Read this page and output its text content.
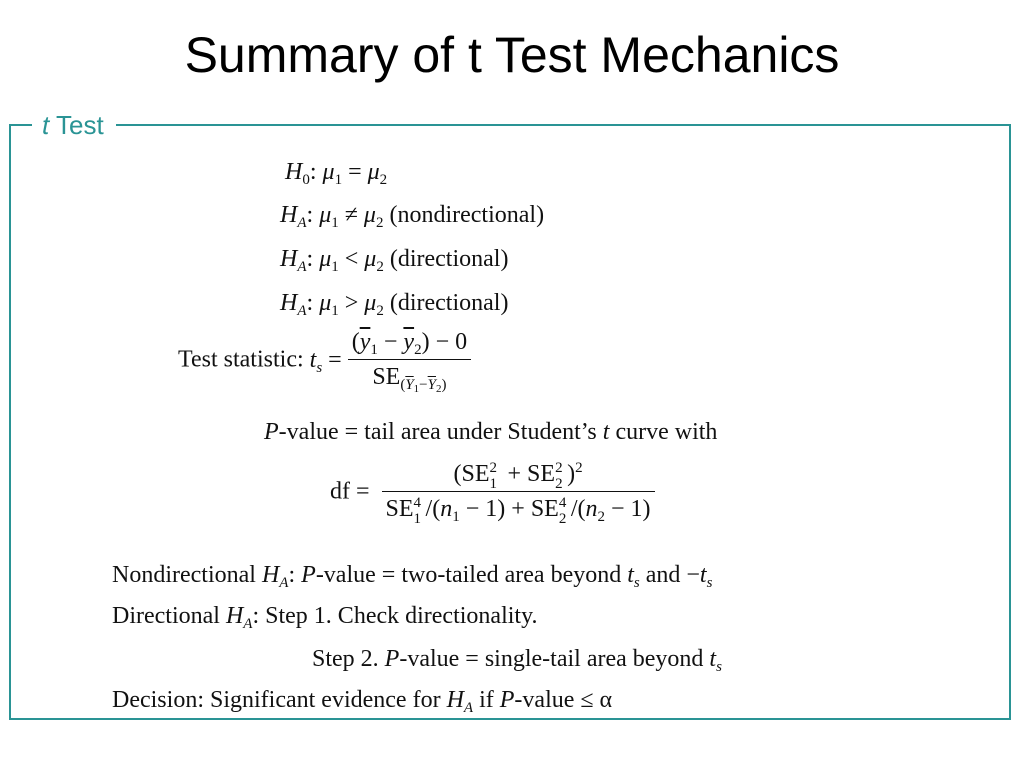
Summary of t Test Mechanics
t Test
$H_0$: $\mu_1 = \mu_2$
$H_A$: $\mu_1 \ne \mu_2$ (nondirectional)
$H_A$: $\mu_1 < \mu_2$ (directional)
$H_A$: $\mu_1 > \mu_2$ (directional)
Test statistic: $t_s = \frac{(\overline{y}_1 - \overline{y}_2) - 0}{SE_{(\overline{Y}_1-\overline{Y}_2)}}$
P-value = tail area under Student’s t curve with
df = (SE 2
1 + SE 2
2 )$^2$
SE 4
1 $/(n_1 - 1)$ + SE 4
2 $/(n_2 - 1)$
Nondirectional $H_A$: P-value = two-tailed area beyond $t_s$ and $-t_s$
Directional $H_A$: Step 1. Check directionality.
Step 2. P-value = single-tail area beyond $t_s$
Decision: Significant evidence for $H_A$ if P-value ≤ α
